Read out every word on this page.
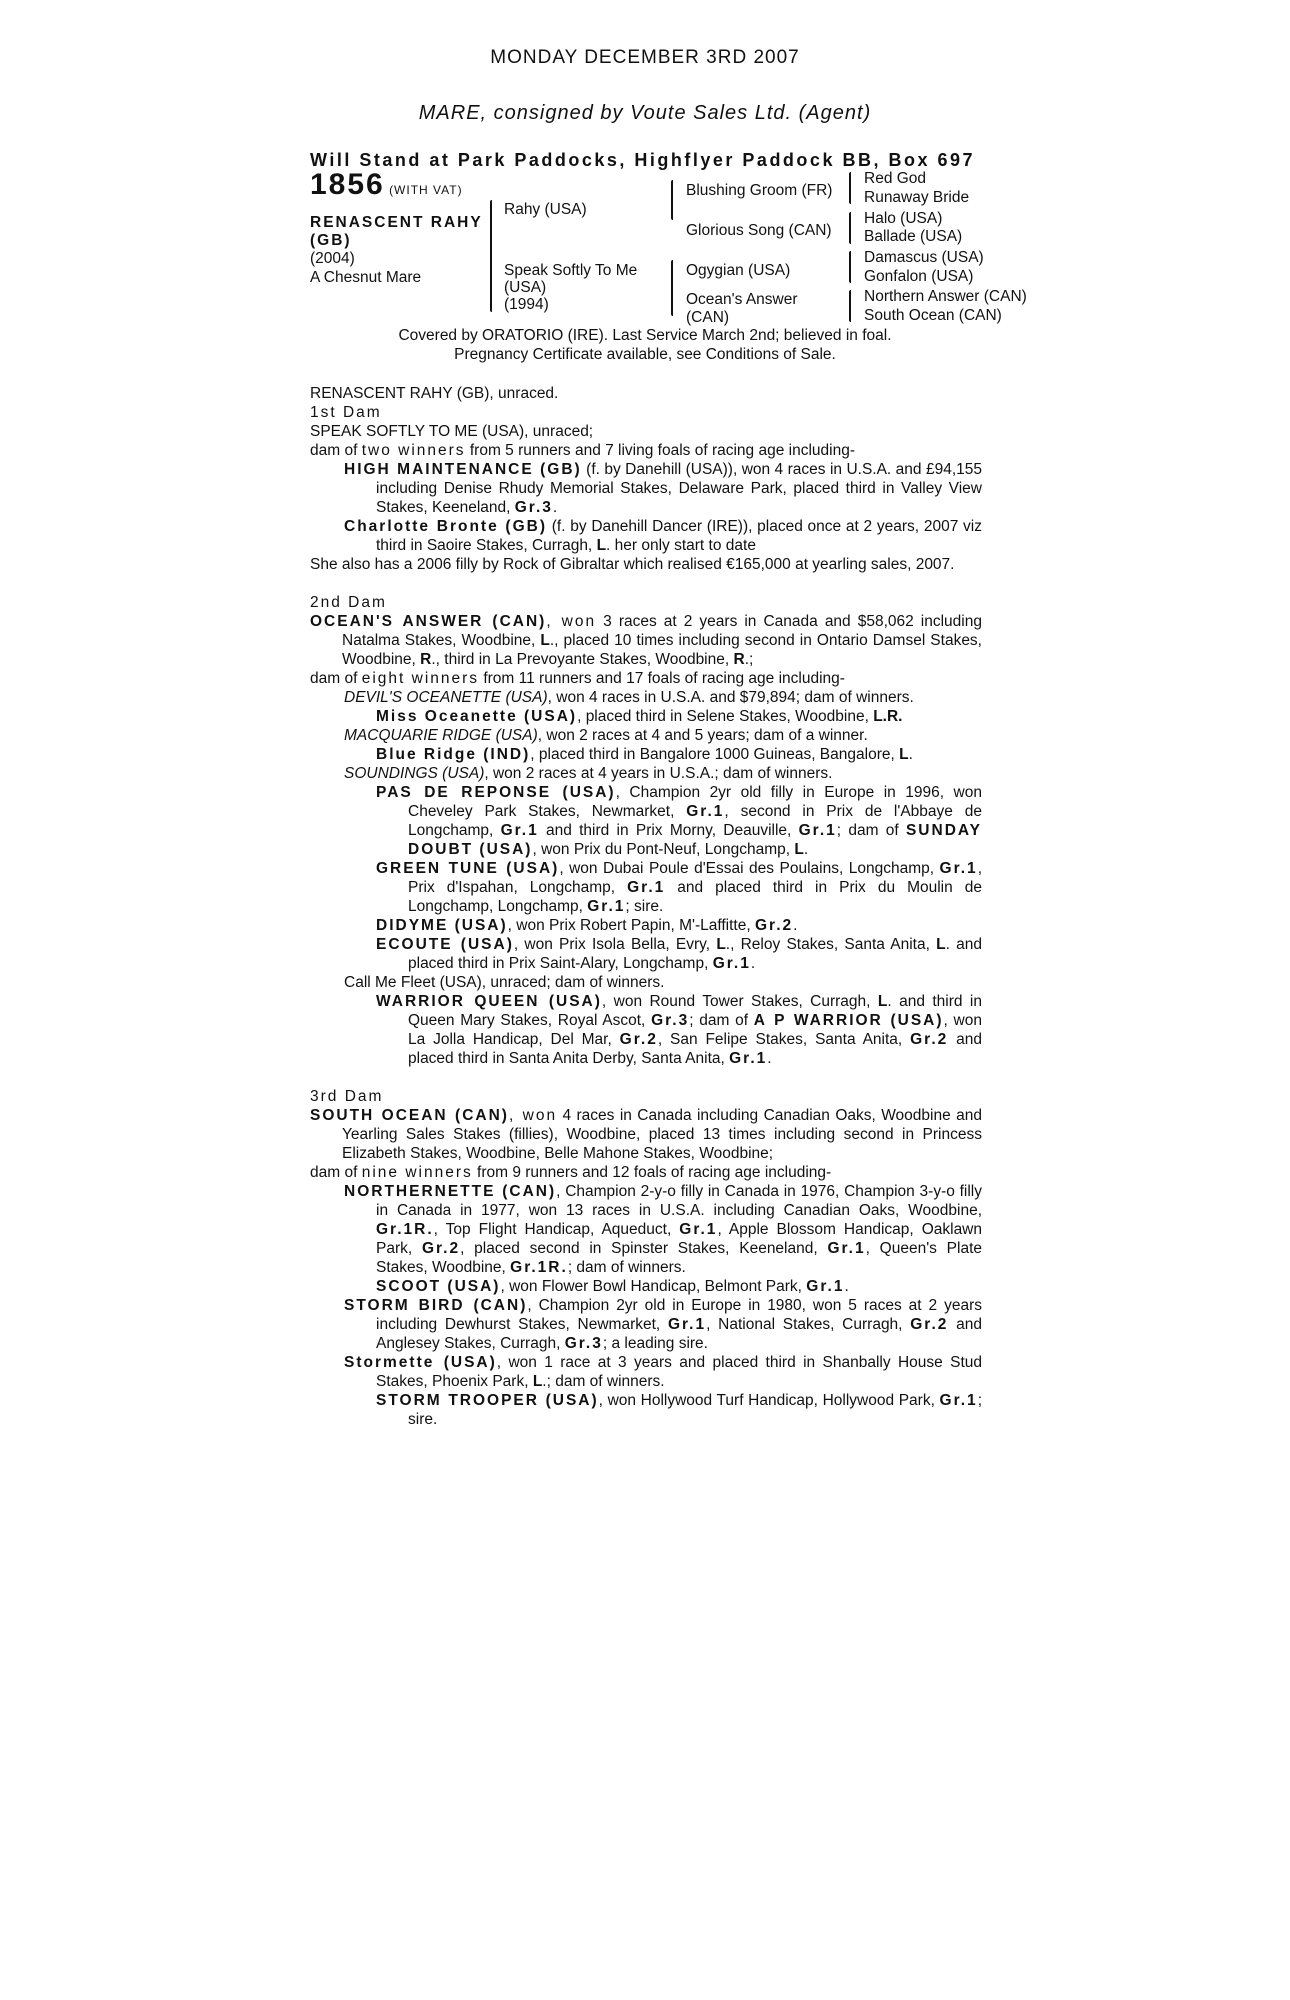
MONDAY DECEMBER 3RD 2007
MARE, consigned by Voute Sales Ltd. (Agent)
Will Stand at Park Paddocks, Highflyer Paddock BB, Box 697
1856 (WITH VAT)
RENASCENT RAHY
(GB)
(2004)
A Chesnut Mare
Rahy (USA)
Speak Softly To Me
(USA)
(1994)
Blushing Groom (FR)
Glorious Song (CAN)
Ogygian (USA)
Ocean's Answer
(CAN)
Red God
Runaway Bride
Halo (USA)
Ballade (USA)
Damascus (USA)
Gonfalon (USA)
Northern Answer (CAN)
South Ocean (CAN)
Covered by ORATORIO (IRE). Last Service March 2nd; believed in foal.
Pregnancy Certificate available, see Conditions of Sale.

RENASCENT RAHY (GB), unraced.

1st Dam

SPEAK SOFTLY TO ME (USA), unraced;

dam of two winners from 5 runners and 7 living foals of racing age including-

HIGH MAINTENANCE (GB) (f. by Danehill (USA)), won 4 races in U.S.A. and £94,155 including Denise Rhudy Memorial Stakes, Delaware Park, placed third in Valley View Stakes, Keeneland, Gr.3.

Charlotte Bronte (GB) (f. by Danehill Dancer (IRE)), placed once at 2 years, 2007 viz third in Saoire Stakes, Curragh, L. her only start to date

She also has a 2006 filly by Rock of Gibraltar which realised €165,000 at yearling sales, 2007.

2nd Dam

OCEAN'S ANSWER (CAN), won 3 races at 2 years in Canada and $58,062 including Natalma Stakes, Woodbine, L., placed 10 times including second in Ontario Damsel Stakes, Woodbine, R., third in La Prevoyante Stakes, Woodbine, R.;

dam of eight winners from 11 runners and 17 foals of racing age including-

DEVIL'S OCEANETTE (USA), won 4 races in U.S.A. and $79,894; dam of winners.

Miss Oceanette (USA), placed third in Selene Stakes, Woodbine, L.R.

MACQUARIE RIDGE (USA), won 2 races at 4 and 5 years; dam of a winner.

Blue Ridge (IND), placed third in Bangalore 1000 Guineas, Bangalore, L.

SOUNDINGS (USA), won 2 races at 4 years in U.S.A.; dam of winners.

PAS DE REPONSE (USA), Champion 2yr old filly in Europe in 1996, won Cheveley Park Stakes, Newmarket, Gr.1, second in Prix de l'Abbaye de Longchamp, Gr.1 and third in Prix Morny, Deauville, Gr.1; dam of SUNDAY DOUBT (USA), won Prix du Pont-Neuf, Longchamp, L.

GREEN TUNE (USA), won Dubai Poule d'Essai des Poulains, Longchamp, Gr.1, Prix d'Ispahan, Longchamp, Gr.1 and placed third in Prix du Moulin de Longchamp, Longchamp, Gr.1; sire.

DIDYME (USA), won Prix Robert Papin, M'-Laffitte, Gr.2.

ECOUTE (USA), won Prix Isola Bella, Evry, L., Reloy Stakes, Santa Anita, L. and placed third in Prix Saint-Alary, Longchamp, Gr.1.

Call Me Fleet (USA), unraced; dam of winners.

WARRIOR QUEEN (USA), won Round Tower Stakes, Curragh, L. and third in Queen Mary Stakes, Royal Ascot, Gr.3; dam of A P WARRIOR (USA), won La Jolla Handicap, Del Mar, Gr.2, San Felipe Stakes, Santa Anita, Gr.2 and placed third in Santa Anita Derby, Santa Anita, Gr.1.

3rd Dam

SOUTH OCEAN (CAN), won 4 races in Canada including Canadian Oaks, Woodbine and Yearling Sales Stakes (fillies), Woodbine, placed 13 times including second in Princess Elizabeth Stakes, Woodbine, Belle Mahone Stakes, Woodbine;

dam of nine winners from 9 runners and 12 foals of racing age including-

NORTHERNETTE (CAN), Champion 2-y-o filly in Canada in 1976, Champion 3-y-o filly in Canada in 1977, won 13 races in U.S.A. including Canadian Oaks, Woodbine, Gr.1R., Top Flight Handicap, Aqueduct, Gr.1, Apple Blossom Handicap, Oaklawn Park, Gr.2, placed second in Spinster Stakes, Keeneland, Gr.1, Queen's Plate Stakes, Woodbine, Gr.1R.; dam of winners.

SCOOT (USA), won Flower Bowl Handicap, Belmont Park, Gr.1.

STORM BIRD (CAN), Champion 2yr old in Europe in 1980, won 5 races at 2 years including Dewhurst Stakes, Newmarket, Gr.1, National Stakes, Curragh, Gr.2 and Anglesey Stakes, Curragh, Gr.3; a leading sire.

Stormette (USA), won 1 race at 3 years and placed third in Shanbally House Stud Stakes, Phoenix Park, L.; dam of winners.

STORM TROOPER (USA), won Hollywood Turf Handicap, Hollywood Park, Gr.1; sire.
